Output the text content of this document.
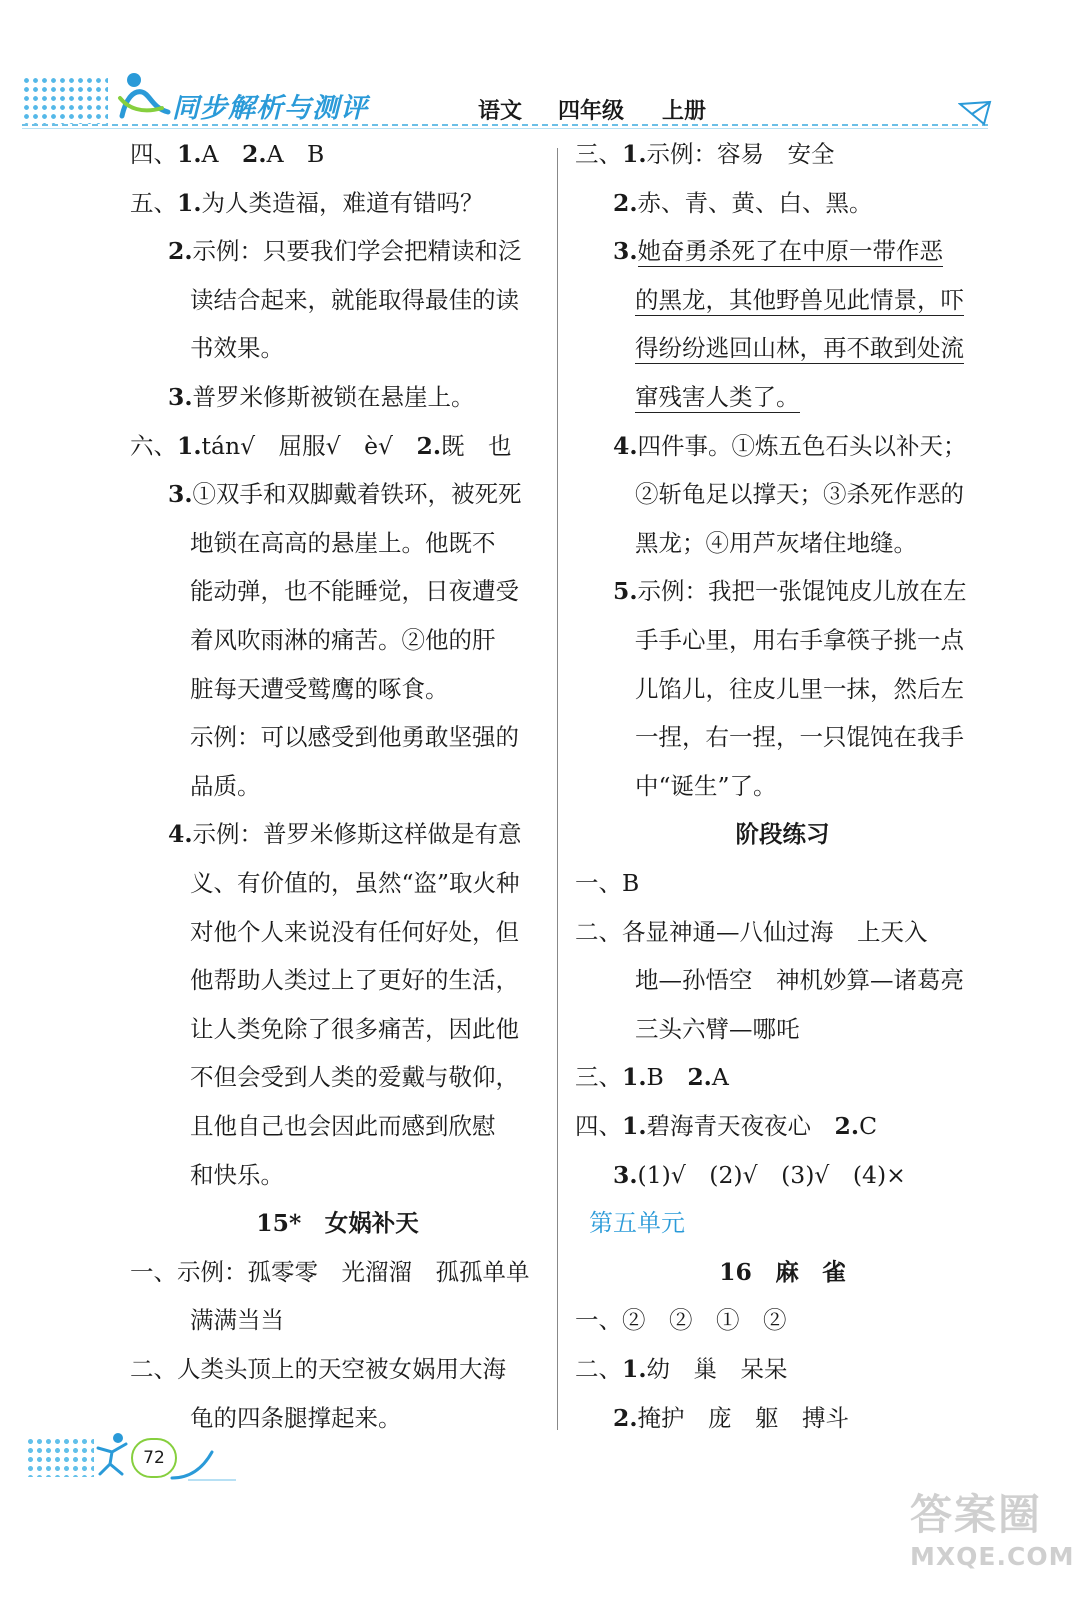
同步解析与测评	语文 四年级 上册
四、1.A　2.A　B
五、1.为人类造福，难道有错吗？
2.示例：只要我们学会把精读和泛
读结合起来，就能取得最佳的读
书效果。
3.普罗米修斯被锁在悬崖上。
六、1.tán√　屈服√　è√　2.既　也
3.①双手和双脚戴着铁环，被死死
地锁在高高的悬崖上。他既不
能动弹，也不能睡觉，日夜遭受
着风吹雨淋的痛苦。②他的肝
脏每天遭受鹫鹰的啄食。
示例：可以感受到他勇敢坚强的
品质。
4.示例：普罗米修斯这样做是有意
义、有价值的，虽然“盗”取火种
对他个人来说没有任何好处，但
他帮助人类过上了更好的生活，
让人类免除了很多痛苦，因此他
不但会受到人类的爱戴与敬仰，
且他自己也会因此而感到欣慰
和快乐。
15*　女娲补天
一、示例：孤零零　光溜溜　孤孤单单
满满当当
二、人类头顶上的天空被女娲用大海
龟的四条腿撑起来。
三、1.示例：容易　安全
2.赤、青、黄、白、黑。
3.她奋勇杀死了在中原一带作恶
的黑龙，其他野兽见此情景，吓
得纷纷逃回山林，再不敢到处流
窜残害人类了。
4.四件事。①炼五色石头以补天；
②斩龟足以撑天；③杀死作恶的
黑龙；④用芦灰堵住地缝。
5.示例：我把一张馄饨皮儿放在左
手手心里，用右手拿筷子挑一点
儿馅儿，往皮儿里一抹，然后左
一捏，右一捏，一只馄饨在我手
中“诞生”了。
阶段练习
一、B
二、各显神通—八仙过海　上天入
地—孙悟空　神机妙算—诸葛亮
三头六臂—哪吒
三、1.B　2.A
四、1.碧海青天夜夜心　2.C
3.(1)√　(2)√　(3)√　(4)×
第五单元
16　麻　雀
一、②　②　①　②
二、1.幼　巢　呆呆
2.掩护　庞　躯　搏斗
72
答案圈
MXQE.COM
